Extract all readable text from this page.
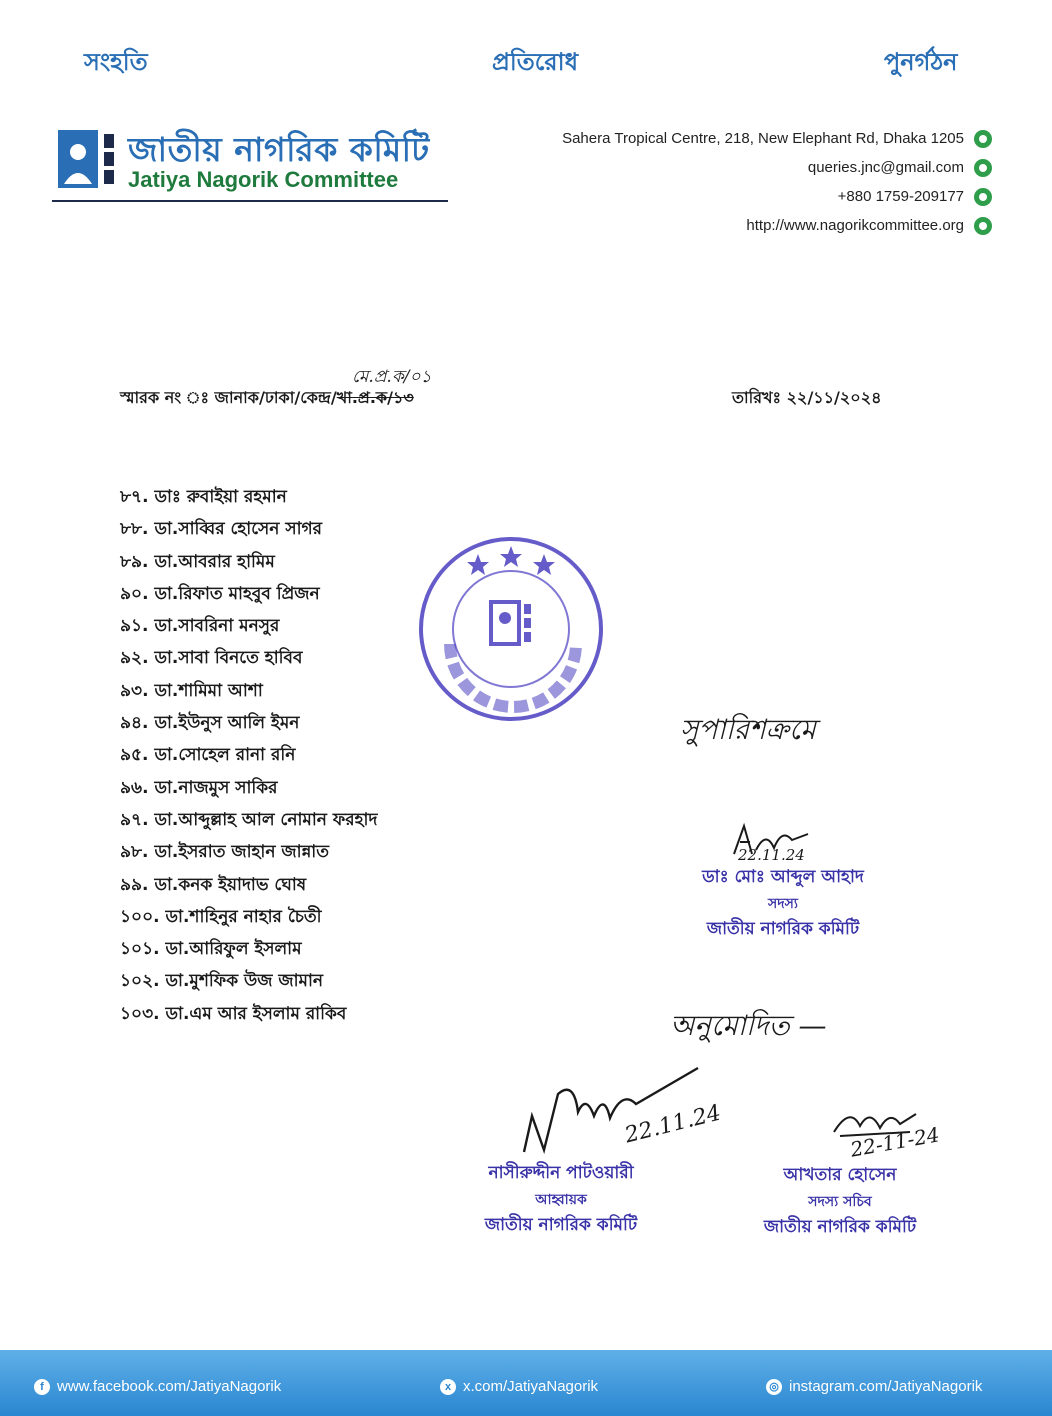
সংহতি	প্রতিরোধ	পুনর্গঠন
জাতীয় নাগরিক কমিটি
Jatiya Nagorik Committee
Sahera Tropical Centre, 218, New Elephant Rd, Dhaka 1205
queries.jnc@gmail.com
+880 1759-209177
http://www.nagorikcommittee.org
মে.প্র.ক/০১
স্মারক নং ঃ জানাক/ঢাকা/কেন্দ্র/খা.প্র.ক/১৩	তারিখঃ ২২/১১/২০২৪
৮৭. ডাঃ রুবাইয়া রহমান
৮৮. ডা.সাব্বির হোসেন সাগর
৮৯. ডা.আবরার হামিম
৯০. ডা.রিফাত মাহবুব প্রিজন
৯১. ডা.সাবরিনা মনসুর
৯২. ডা.সাবা বিনতে হাবিব
৯৩. ডা.শামিমা আশা
৯৪. ডা.ইউনুস আলি ইমন
৯৫. ডা.সোহেল রানা রনি
৯৬. ডা.নাজমুস সাকির
৯৭. ডা.আব্দুল্লাহ আল নোমান ফরহাদ
৯৮. ডা.ইসরাত জাহান জান্নাত
৯৯. ডা.কনক ইয়াদাভ ঘোষ
১০০. ডা.শাহিনুর নাহার চৈতী
১০১. ডা.আরিফুল ইসলাম
১০২. ডা.মুশফিক উজ জামান
১০৩. ডা.এম আর ইসলাম রাকিব
সুপারিশক্রমে
অনুমোদিত —
22.11.24
ডাঃ মোঃ আব্দুল আহাদ
সদস্য
জাতীয় নাগরিক কমিটি
22.11.24
নাসীরুদ্দীন পাটওয়ারী
আহ্বায়ক
জাতীয় নাগরিক কমিটি
22-11-24
আখতার হোসেন
সদস্য সচিব
জাতীয় নাগরিক কমিটি
f www.facebook.com/JatiyaNagorik	x x.com/JatiyaNagorik	◎ instagram.com/JatiyaNagorik
